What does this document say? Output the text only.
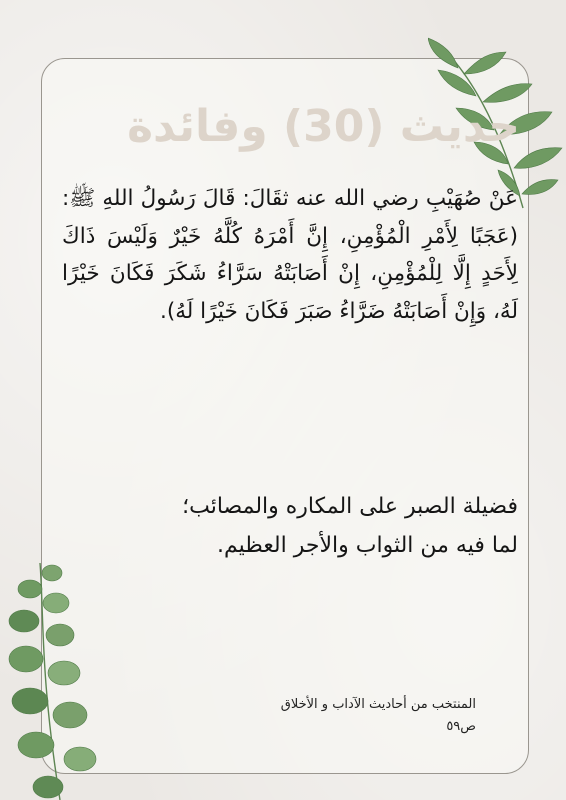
حديث (30) وفائدة
عَنْ صُهَيْبِ رضي الله عنه ثقَالَ: قَالَ رَسُولُ اللهِ ﷺ: (عَجَبًا لِأَمْرِ الْمُؤْمِنِ، إِنَّ أَمْرَهُ كُلَّهُ خَيْرٌ وَلَيْسَ ذَاكَ لِأَحَدٍ إِلَّا لِلْمُؤْمِنِ، إِنْ أَصَابَتْهُ سَرَّاءُ شَكَرَ فَكَانَ خَيْرًا لَهُ، وَإِنْ أَصَابَتْهُ ضَرَّاءُ صَبَرَ فَكَانَ خَيْرًا لَهُ).
فضيلة الصبر على المكاره والمصائب؛
لما فيه من الثواب والأجر العظيم.
المنتخب من أحاديث الآداب و الأخلاق
ص٥٩
